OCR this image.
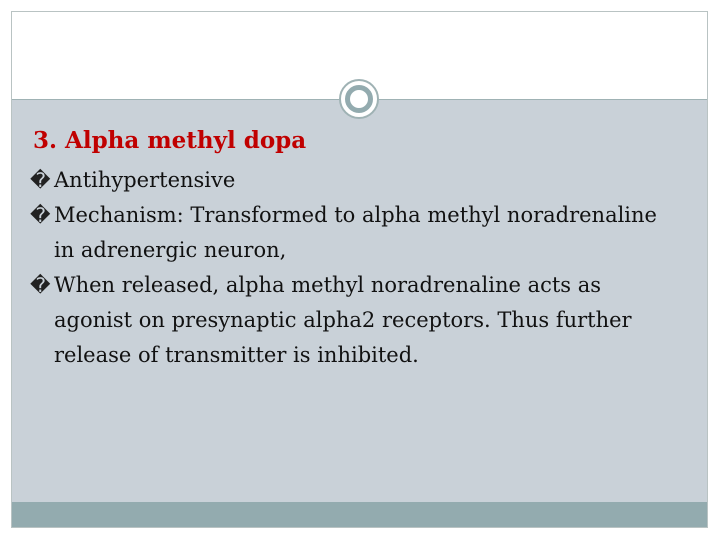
3. Alpha methyl dopa
� Antihypertensive
� Mechanism: Transformed to alpha methyl noradrenaline in adrenergic neuron,
� When released, alpha methyl noradrenaline acts as agonist on presynaptic alpha2 receptors. Thus further release of transmitter is inhibited.
